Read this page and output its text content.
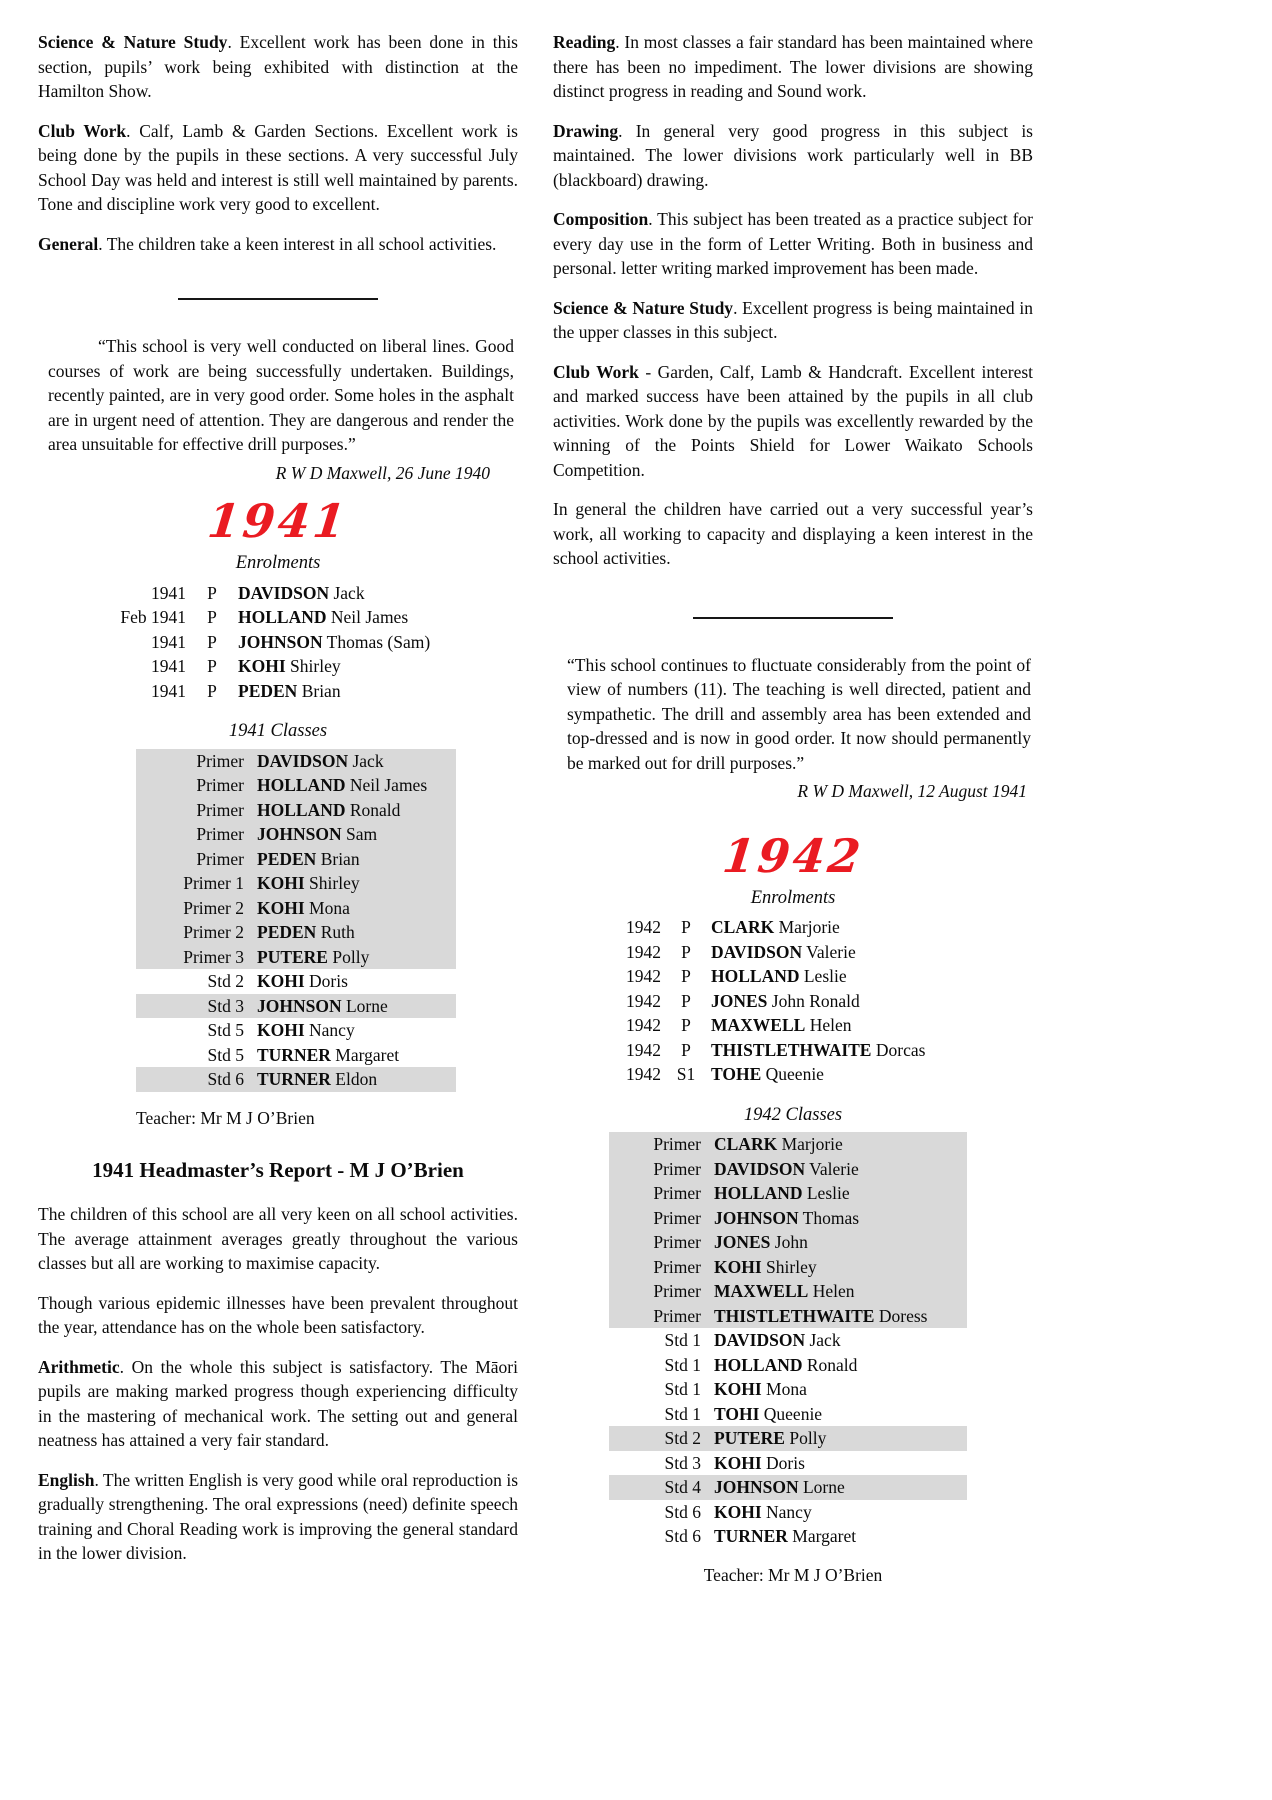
Science & Nature Study. Excellent work has been done in this section, pupils’ work being exhibited with distinction at the Hamilton Show.

Club Work. Calf, Lamb & Garden Sections. Excellent work is being done by the pupils in these sections. A very successful July School Day was held and interest is still well maintained by parents. Tone and discipline work very good to excellent.

General. The children take a keen interest in all school activities.

“This school is very well conducted on liberal lines. Good courses of work are being successfully undertaken. Buildings, recently painted, are in very good order. Some holes in the asphalt are in urgent need of attention. They are dangerous and render the area unsuitable for effective drill purposes.”

R W D Maxwell, 26 June 1940

1941
Enrolments
1941	P	DAVIDSON Jack
Feb 1941	P	HOLLAND Neil James
1941	P	JOHNSON Thomas (Sam)
1941	P	KOHI Shirley
1941	P	PEDEN Brian
1941 Classes
Primer DAVIDSON Jack
Primer HOLLAND Neil James
Primer HOLLAND Ronald
Primer JOHNSON Sam
Primer PEDEN Brian
Primer 1 KOHI Shirley
Primer 2 KOHI Mona
Primer 2 PEDEN Ruth
Primer 3 PUTERE Polly
Std 2 KOHI Doris
Std 3 JOHNSON Lorne
Std 5 KOHI Nancy
Std 5 TURNER Margaret
Std 6 TURNER Eldon
Teacher: Mr M J O’Brien
1941 Headmaster’s Report - M J O’Brien

The children of this school are all very keen on all school activities. The average attainment averages greatly throughout the various classes but all are working to maximise capacity.

Though various epidemic illnesses have been prevalent throughout the year, attendance has on the whole been satisfactory.

Arithmetic. On the whole this subject is satisfactory. The Māori pupils are making marked progress though experiencing difficulty in the mastering of mechanical work. The setting out and general neatness has attained a very fair standard.

English. The written English is very good while oral reproduction is gradually strengthening. The oral expressions (need) definite speech training and Choral Reading work is improving the general standard in the lower division.

Reading. In most classes a fair standard has been maintained where there has been no impediment. The lower divisions are showing distinct progress in reading and Sound work.

Drawing. In general very good progress in this subject is maintained. The lower divisions work particularly well in BB (blackboard) drawing.

Composition. This subject has been treated as a practice subject for every day use in the form of Letter Writing. Both in business and personal. letter writing marked improvement has been made.

Science & Nature Study. Excellent progress is being maintained in the upper classes in this subject.

Club Work - Garden, Calf, Lamb & Handcraft. Excellent interest and marked success have been attained by the pupils in all club activities. Work done by the pupils was excellently rewarded by the winning of the Points Shield for Lower Waikato Schools Competition.

In general the children have carried out a very successful year’s work, all working to capacity and displaying a keen interest in the school activities.

“This school continues to fluctuate considerably from the point of view of numbers (11). The teaching is well directed, patient and sympathetic. The drill and assembly area has been extended and top-dressed and is now in good order. It now should permanently be marked out for drill purposes.”

R W D Maxwell, 12 August 1941

1942
Enrolments
1942	P	CLARK Marjorie
1942	P	DAVIDSON Valerie
1942	P	HOLLAND Leslie
1942	P	JONES John Ronald
1942	P	MAXWELL Helen
1942	P	THISTLETHWAITE Dorcas
1942 S1 TOHE Queenie
1942 Classes
Primer CLARK Marjorie
Primer DAVIDSON Valerie
Primer HOLLAND Leslie
Primer JOHNSON Thomas
Primer JONES John
Primer KOHI Shirley
Primer MAXWELL Helen
Primer THISTLETHWAITE Doress
Std 1 DAVIDSON Jack
Std 1 HOLLAND Ronald
Std 1 KOHI Mona
Std 1 TOHI Queenie
Std 2 PUTERE Polly
Std 3 KOHI Doris
Std 4 JOHNSON Lorne
Std 6 KOHI Nancy
Std 6 TURNER Margaret
Teacher: Mr M J O’Brien
